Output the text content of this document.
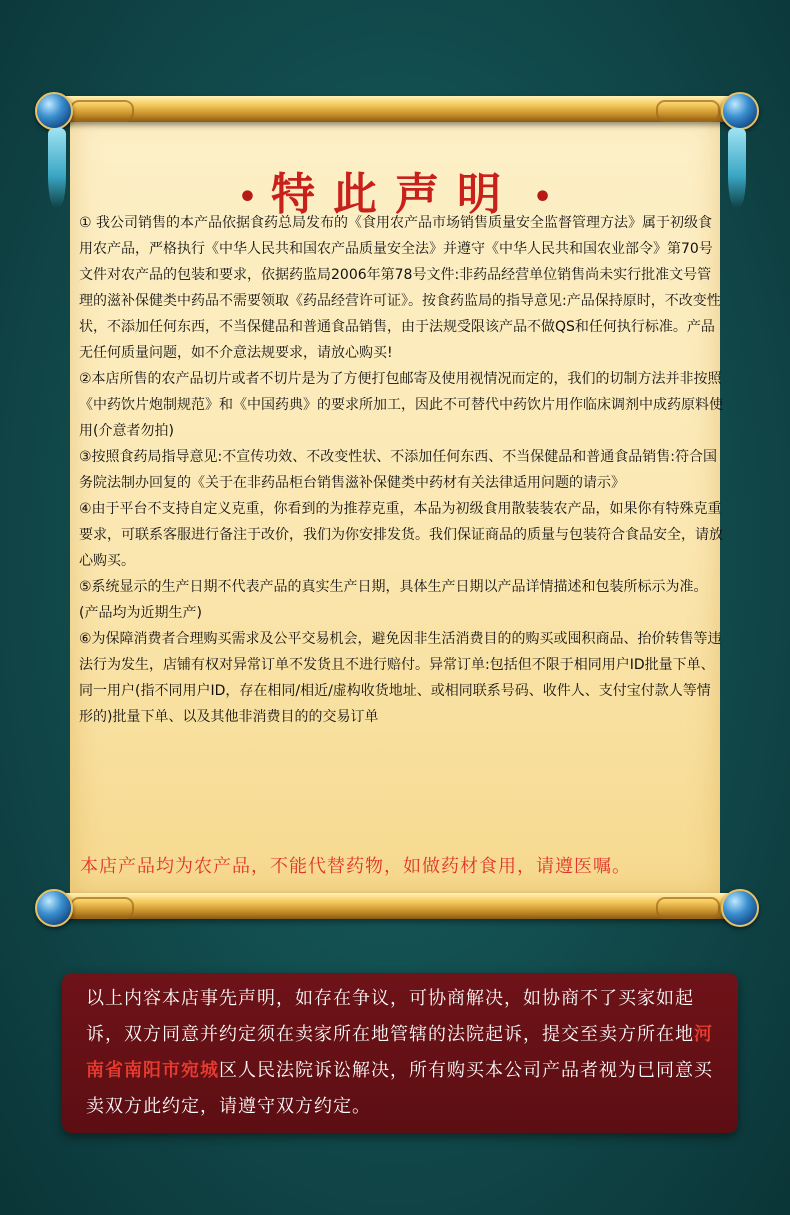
• 特此声明 •

① 我公司销售的本产品依据食药总局发布的《食用农产品市场销售质量安全监督管理方法》属于初级食用农产品，严格执行《中华人民共和国农产品质量安全法》并遵守《中华人民共和国农业部令》第70号文件对农产品的包装和要求，依据药监局2006年第78号文件:非药品经营单位销售尚未实行批准文号管理的滋补保健类中药品不需要领取《药品经营许可证》。按食药监局的指导意见:产品保持原时，不改变性状，不添加任何东西，不当保健品和普通食品销售，由于法规受限该产品不做QS和任何执行标准。产品无任何质量问题，如不介意法规要求，请放心购买!

②本店所售的农产品切片或者不切片是为了方便打包邮寄及使用视情况而定的，我们的切制方法并非按照《中药饮片炮制规范》和《中国药典》的要求所加工，因此不可替代中药饮片用作临床调剂中成药原料使用(介意者勿拍)

③按照食药局指导意见:不宣传功效、不改变性状、不添加任何东西、不当保健品和普通食品销售:符合国务院法制办回复的《关于在非药品柜台销售滋补保健类中药材有关法律适用问题的请示》

④由于平台不支持自定义克重，你看到的为推荐克重，本品为初级食用散装装农产品，如果你有特殊克重要求，可联系客服进行备注于改价，我们为你安排发货。我们保证商品的质量与包装符合食品安全，请放心购买。

⑤系统显示的生产日期不代表产品的真实生产日期，具体生产日期以产品详情描述和包装所标示为准。(产品均为近期生产)

⑥为保障消费者合理购买需求及公平交易机会，避免因非生活消费目的的购买或囤积商品、抬价转售等违法行为发生，店铺有权对异常订单不发货且不进行赔付。异常订单:包括但不限于相同用户ID批量下单、同一用户(指不同用户ID，存在相同/相近/虚构收货地址、或相同联系号码、收件人、支付宝付款人等情形的)批量下单、以及其他非消费目的的交易订单

本店产品均为农产品，不能代替药物，如做药材食用，请遵医嘱。
以上内容本店事先声明，如存在争议，可协商解决，如协商不了买家如起诉，双方同意并约定须在卖家所在地管辖的法院起诉，提交至卖方所在地河南省南阳市宛城区人民法院诉讼解决，所有购买本公司产品者视为已同意买卖双方此约定，请遵守双方约定。
